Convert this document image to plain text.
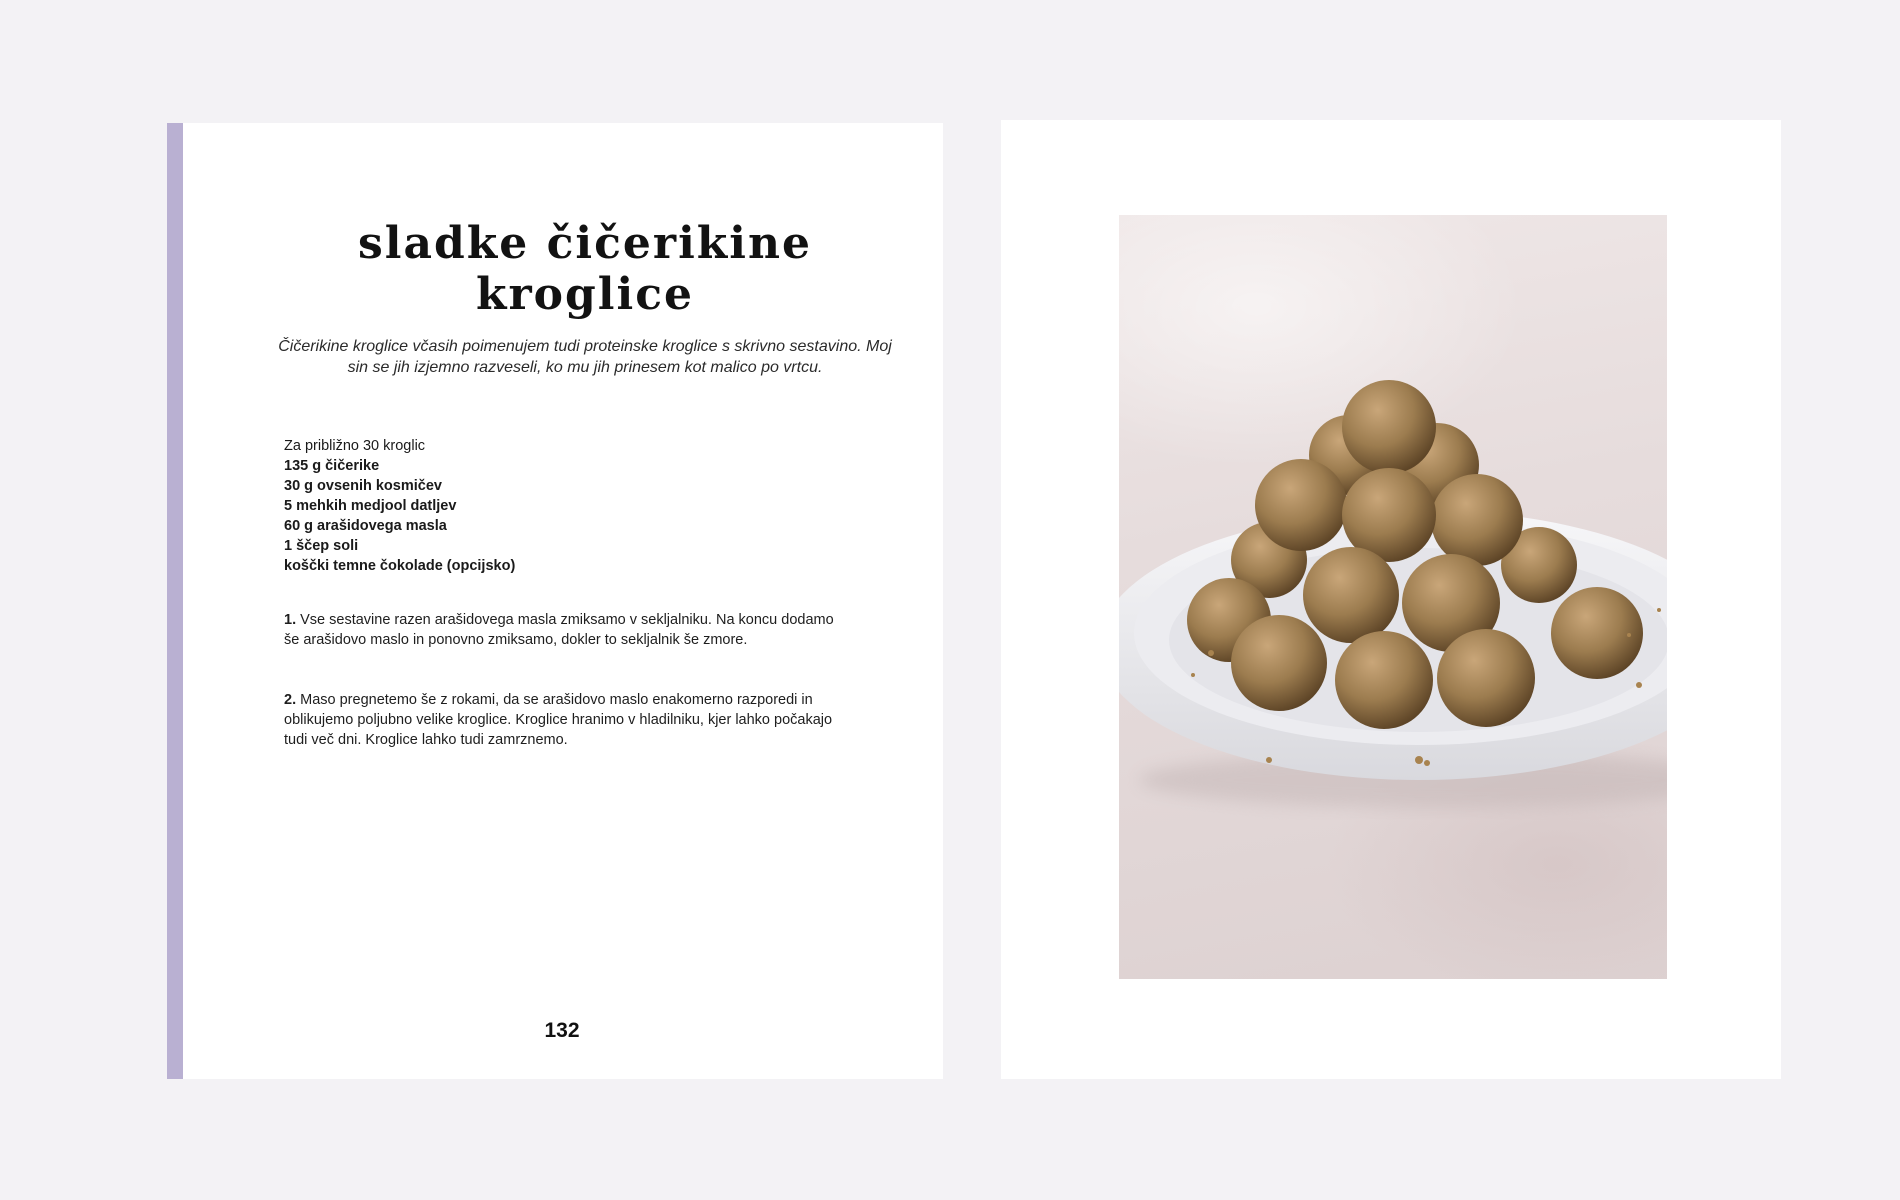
sladke čičerikine
kroglice

Čičerikine kroglice včasih poimenujem tudi proteinske kroglice s skrivno sestavino. Moj sin se jih izjemno razveseli, ko mu jih prinesem kot malico po vrtcu.

Za približno 30 kroglic
135 g čičerike
30 g ovsenih kosmičev
5 mehkih medjool datljev
60 g arašidovega masla
1 ščep soli
koščki temne čokolade (opcijsko)

1. Vse sestavine razen arašidovega masla zmiksamo v sekljalniku. Na koncu dodamo še arašidovo maslo in ponovno zmiksamo, dokler to sekljalnik še zmore.

2. Maso pregnetemo še z rokami, da se arašidovo maslo enakomerno razporedi in oblikujemo poljubno velike kroglice. Kroglice hranimo v hladilniku, kjer lahko počakajo tudi več dni. Kroglice lahko tudi zamrznemo.

132
